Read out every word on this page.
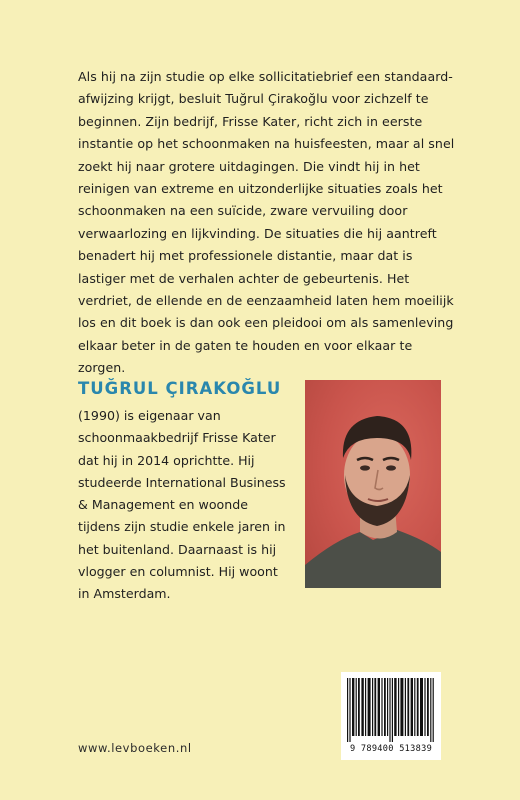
Als hij na zijn studie op elke sollicitatiebrief een standaard-afwijzing krijgt, besluit Tuğrul Çirakoğlu voor zichzelf te beginnen. Zijn bedrijf, Frisse Kater, richt zich in eerste instantie op het schoonmaken na huisfeesten, maar al snel zoekt hij naar grotere uitdagingen. Die vindt hij in het reinigen van extreme en uitzonderlijke situaties zoals het schoonmaken na een suïcide, zware vervuiling door verwaarlozing en lijkvinding. De situaties die hij aantreft benadert hij met professionele distantie, maar dat is lastiger met de verhalen achter de gebeurtenis. Het verdriet, de ellende en de eenzaamheid laten hem moeilijk los en dit boek is dan ook een pleidooi om als samenleving elkaar beter in de gaten te houden en voor elkaar te zorgen.

TUĞRUL ÇIRAKOĞLU

(1990) is eigenaar van schoonmaakbedrijf Frisse Kater dat hij in 2014 oprichtte. Hij studeerde International Business & Management en woonde tijdens zijn studie enkele jaren in het buitenland. Daarnaast is hij vlogger en columnist. Hij woont in Amsterdam.

www.levboeken.nl	9 789400 513839
